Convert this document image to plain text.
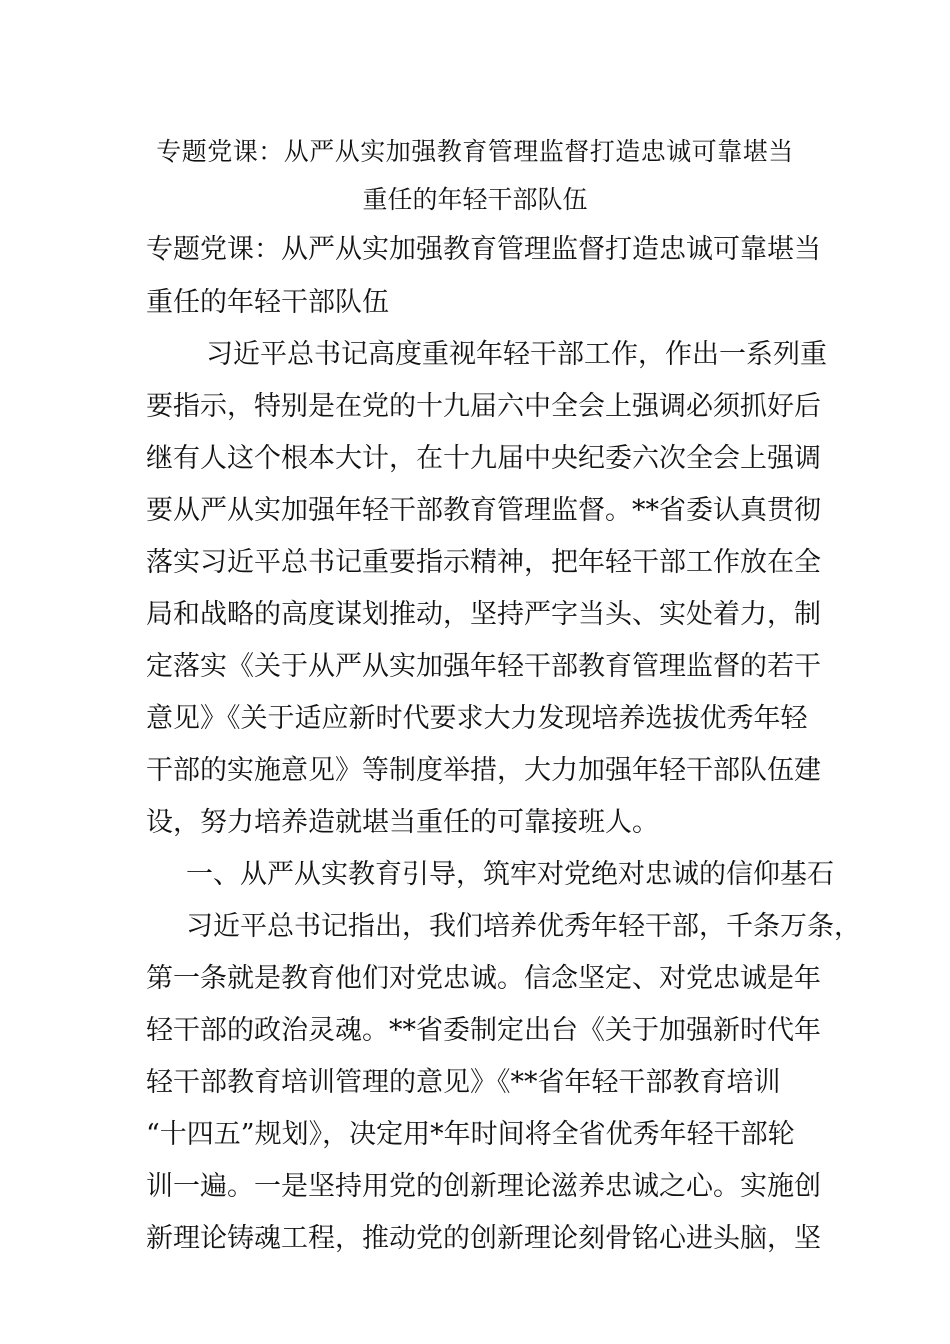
专题党课：从严从实加强教育管理监督打造忠诚可靠堪当
重任的年轻干部队伍
专题党课：从严从实加强教育管理监督打造忠诚可靠堪当
重任的年轻干部队伍
习近平总书记高度重视年轻干部工作，作出一系列重
要指示，特别是在党的十九届六中全会上强调必须抓好后
继有人这个根本大计，在十九届中央纪委六次全会上强调
要从严从实加强年轻干部教育管理监督。**省委认真贯彻
落实习近平总书记重要指示精神，把年轻干部工作放在全
局和战略的高度谋划推动，坚持严字当头、实处着力，制
定落实《关于从严从实加强年轻干部教育管理监督的若干
意见》《关于适应新时代要求大力发现培养选拔优秀年轻
干部的实施意见》等制度举措，大力加强年轻干部队伍建
设，努力培养造就堪当重任的可靠接班人。
一、从严从实教育引导，筑牢对党绝对忠诚的信仰基石
习近平总书记指出，我们培养优秀年轻干部，千条万条，
第一条就是教育他们对党忠诚。信念坚定、对党忠诚是年
轻干部的政治灵魂。**省委制定出台《关于加强新时代年
轻干部教育培训管理的意见》《**省年轻干部教育培训
“十四五”规划》，决定用*年时间将全省优秀年轻干部轮
训一遍。一是坚持用党的创新理论滋养忠诚之心。实施创
新理论铸魂工程，推动党的创新理论刻骨铭心进头脑，坚
